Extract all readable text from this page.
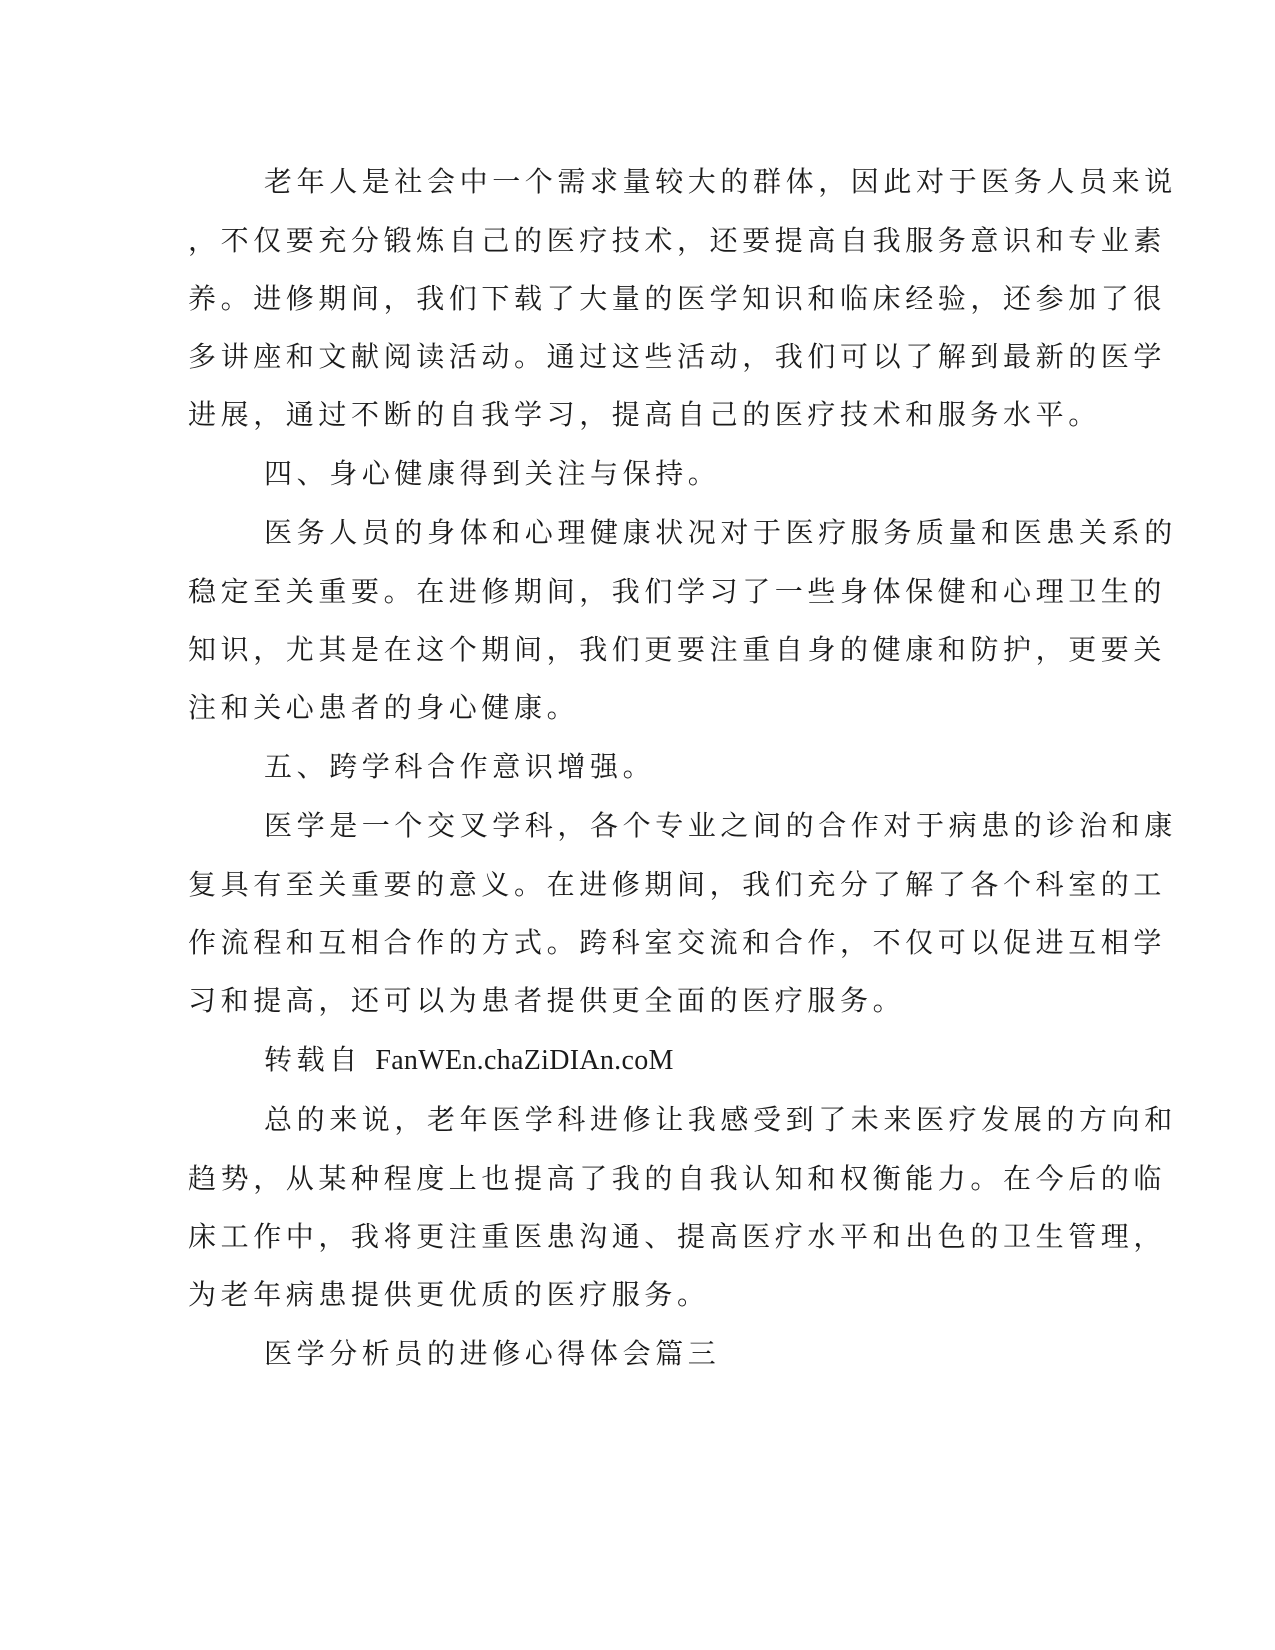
老年人是社会中一个需求量较大的群体，因此对于医务人员来说
，不仅要充分锻炼自己的医疗技术，还要提高自我服务意识和专业素
养。进修期间，我们下载了大量的医学知识和临床经验，还参加了很
多讲座和文献阅读活动。通过这些活动，我们可以了解到最新的医学
进展，通过不断的自我学习，提高自己的医疗技术和服务水平。
四、身心健康得到关注与保持。
医务人员的身体和心理健康状况对于医疗服务质量和医患关系的
稳定至关重要。在进修期间，我们学习了一些身体保健和心理卫生的
知识，尤其是在这个期间，我们更要注重自身的健康和防护，更要关
注和关心患者的身心健康。
五、跨学科合作意识增强。
医学是一个交叉学科，各个专业之间的合作对于病患的诊治和康
复具有至关重要的意义。在进修期间，我们充分了解了各个科室的工
作流程和互相合作的方式。跨科室交流和合作，不仅可以促进互相学
习和提高，还可以为患者提供更全面的医疗服务。
转载自 FanWEn.chaZiDIAn.coM
总的来说，老年医学科进修让我感受到了未来医疗发展的方向和
趋势，从某种程度上也提高了我的自我认知和权衡能力。在今后的临
床工作中，我将更注重医患沟通、提高医疗水平和出色的卫生管理，
为老年病患提供更优质的医疗服务。
医学分析员的进修心得体会篇三
